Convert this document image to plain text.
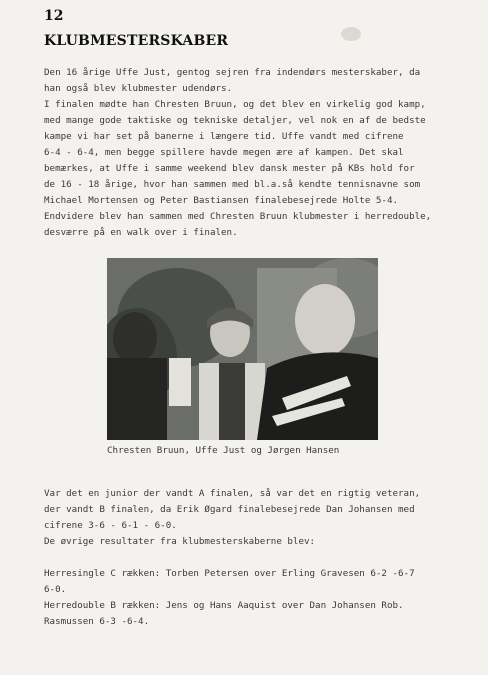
12
KLUBMESTERSKABER
Den 16 årige Uffe Just, gentog sejren fra indendørs mesterskaber, da
han også blev klubmester udendørs.
I finalen mødte han Chresten Bruun, og det blev en virkelig god kamp,
med mange gode taktiske og tekniske detaljer, vel nok en af de bedste
kampe vi har set på banerne i længere tid. Uffe vandt med cifrene
6-4 - 6-4, men begge spillere havde megen ære af kampen. Det skal
bemærkes, at Uffe i samme weekend blev dansk mester på KBs hold for
de 16 - 18 årige, hvor han sammen med bl.a.så kendte tennisnavne som
Michael Mortensen og Peter Bastiansen finalebesejrede Holte 5-4.
Endvidere blev han sammen med Chresten Bruun klubmester i herredouble,
desværre på en walk over i finalen.
Chresten Bruun, Uffe Just og Jørgen Hansen
Var det en junior der vandt A finalen, så var det en rigtig veteran,
der vandt B finalen, da Erik Øgard finalebesejrede Dan Johansen med
cifrene 3-6 - 6-1 - 6-0.
De øvrige resultater fra klubmesterskaberne blev:

Herresingle C rækken: Torben Petersen over Erling Gravesen 6-2 -6-7
6-0.
Herredouble B rækken: Jens og Hans Aaquist over Dan Johansen Rob.
Rasmussen 6-3 -6-4.
